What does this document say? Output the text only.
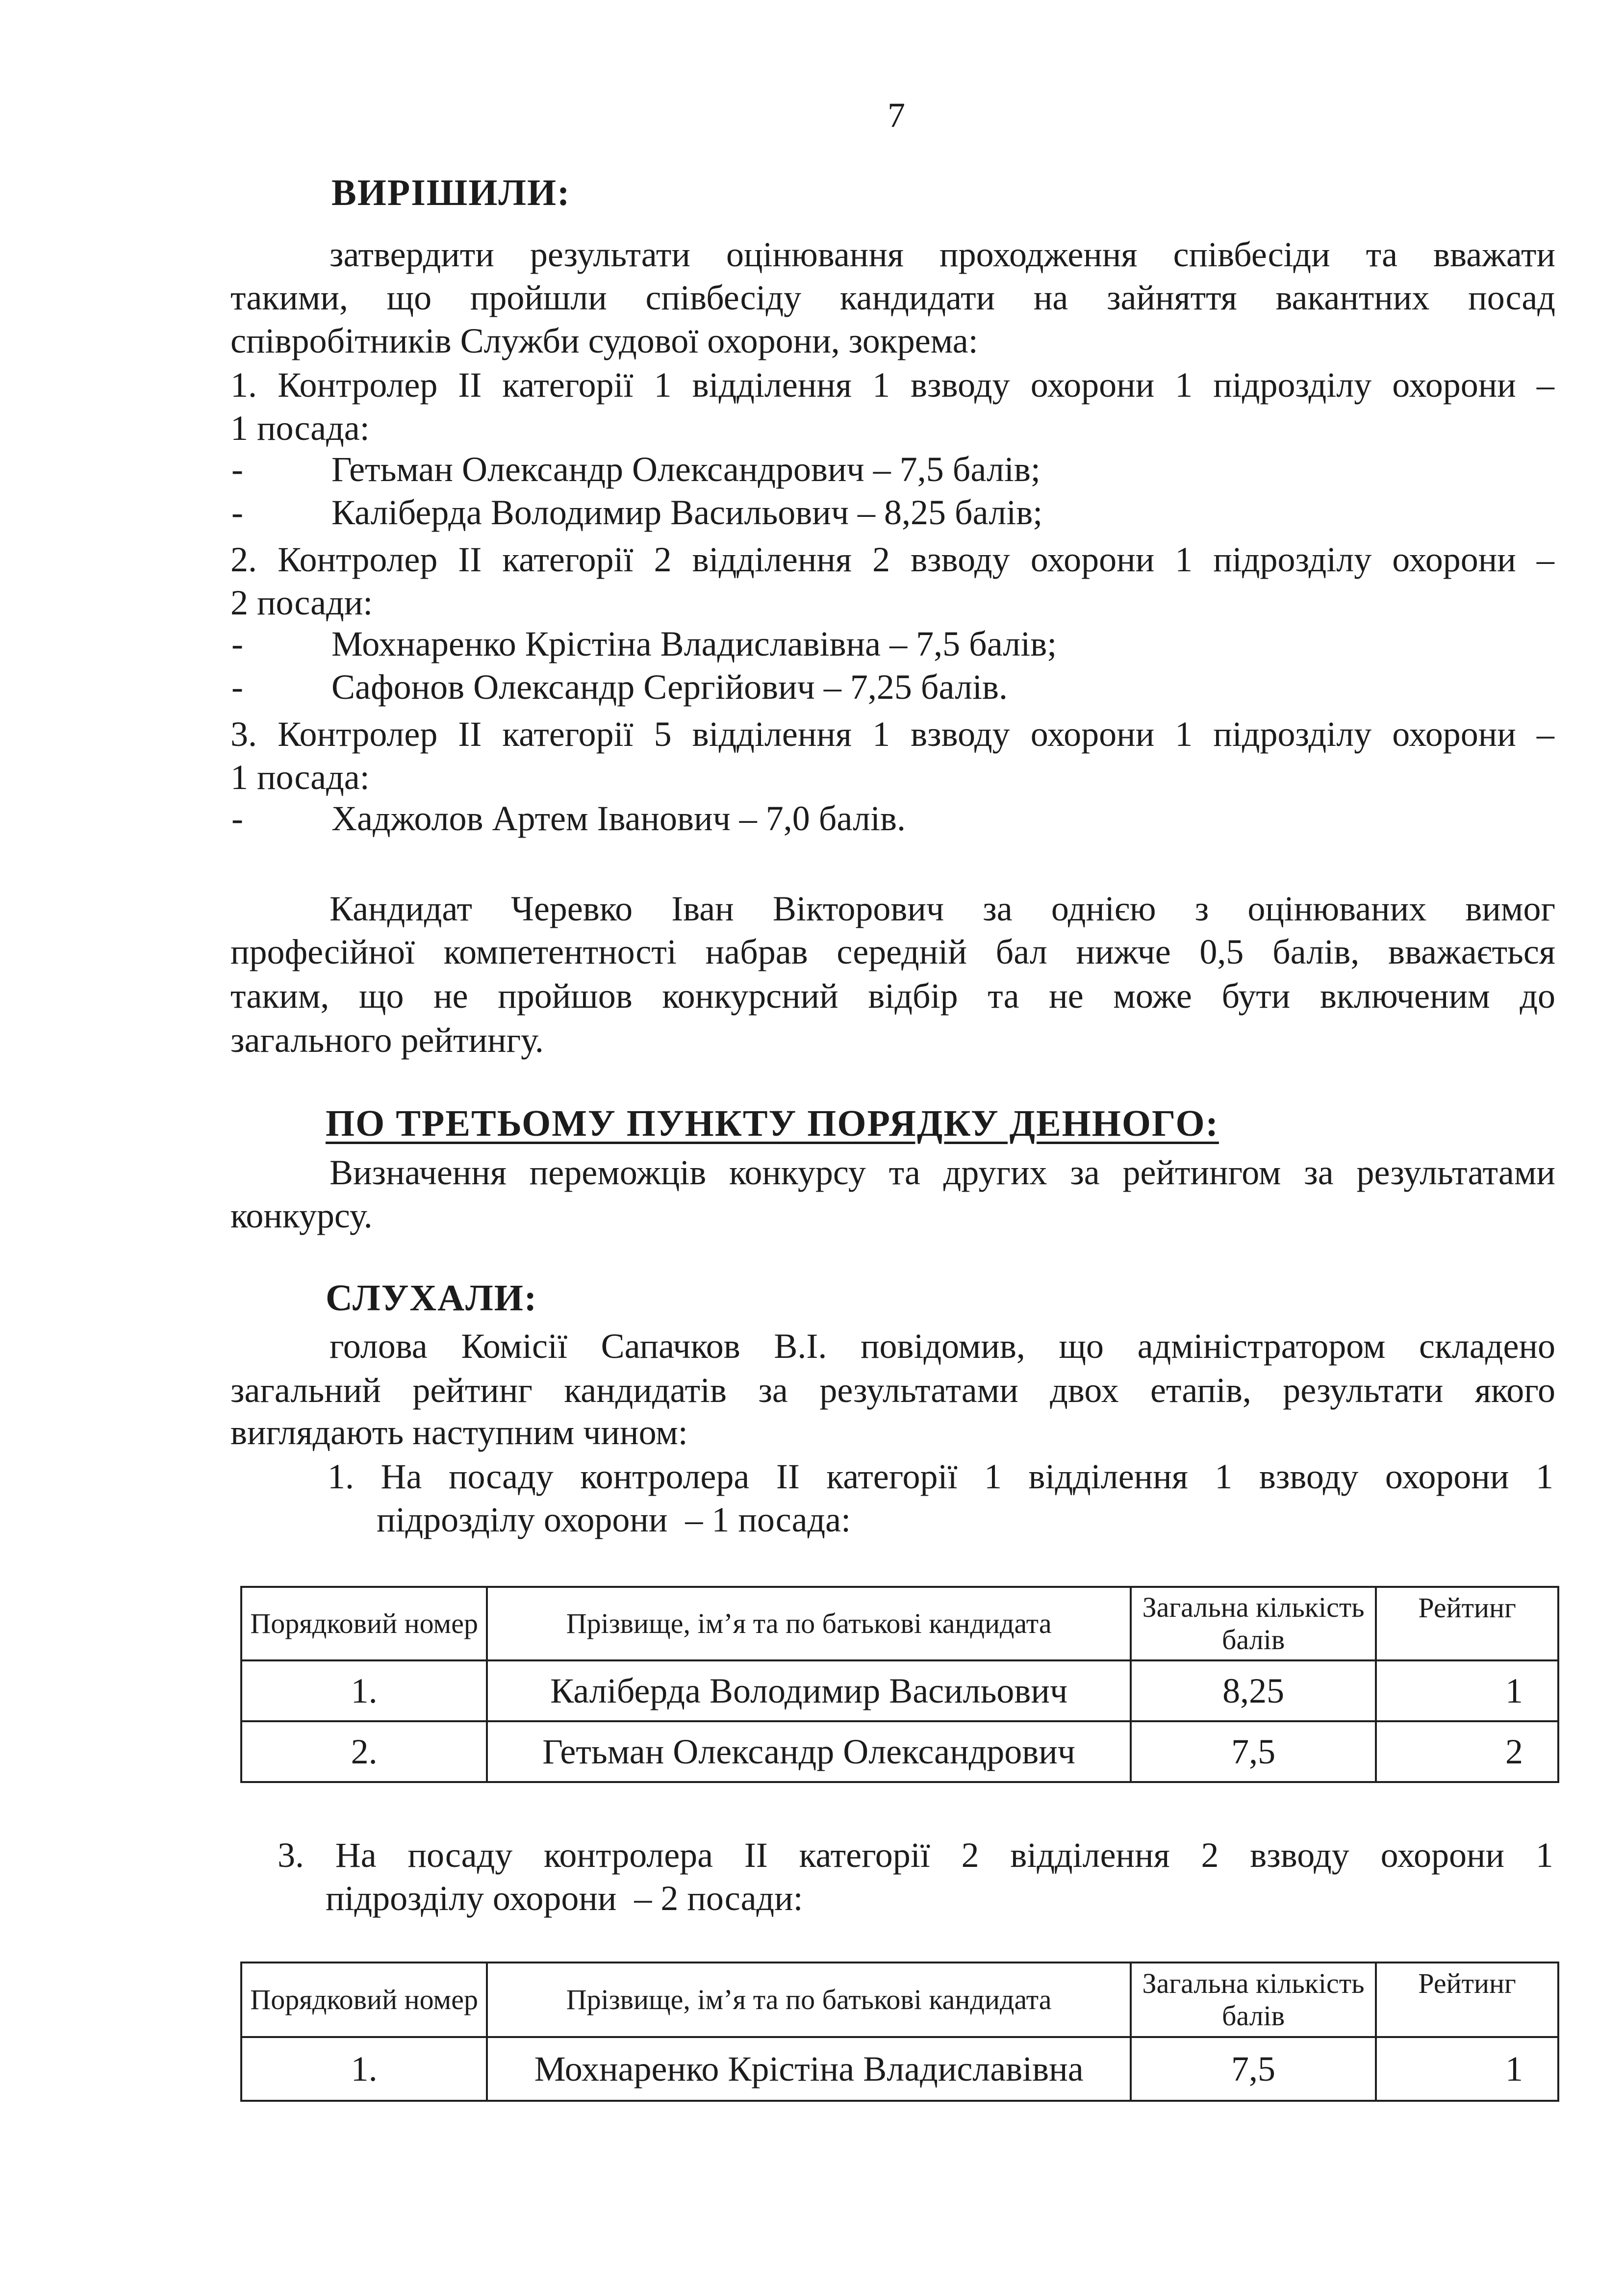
7
ВИРІШИЛИ:
затвердити результати оцінювання проходження співбесіди та вважати
такими, що пройшли співбесіду кандидати на зайняття вакантних посад
співробітників Служби судової охорони, зокрема:
1. Контролер ІІ категорії 1 відділення 1 взводу охорони 1 підрозділу охорони –
1 посада:
-	Гетьман Олександр Олександрович – 7,5 балів;
-	Каліберда Володимир Васильович – 8,25 балів;
2. Контролер ІІ категорії 2 відділення 2 взводу охорони 1 підрозділу охорони –
2 посади:
-	Мохнаренко Крістіна Владиславівна – 7,5 балів;
-	Сафонов Олександр Сергійович – 7,25 балів.
3. Контролер ІІ категорії 5 відділення 1 взводу охорони 1 підрозділу охорони –
1 посада:
-	Хаджолов Артем Іванович – 7,0 балів.
Кандидат Черевко Іван Вікторович за однією з оцінюваних вимог
професійної компетентності набрав середній бал нижче 0,5 балів, вважається
таким, що не пройшов конкурсний відбір та не може бути включеним до
загального рейтингу.
ПО ТРЕТЬОМУ ПУНКТУ ПОРЯДКУ ДЕННОГО:
Визначення переможців конкурсу та других за рейтингом за результатами
конкурсу.
СЛУХАЛИ:
голова Комісії Сапачков В.І. повідомив, що адміністратором складено
загальний рейтинг кандидатів за результатами двох етапів, результати якого
виглядають наступним чином:
1. На посаду контролера ІІ категорії 1 відділення 1 взводу охорони 1
підрозділу охорони  – 1 посада:
Порядковий номер	Прізвище, ім’я та по батькові кандидата	Загальна кількість балів	Рейтинг
1.	Каліберда Володимир Васильович	8,25	1
2.	Гетьман Олександр Олександрович	7,5	2
3. На посаду контролера ІІ категорії 2 відділення 2 взводу охорони 1
підрозділу охорони  – 2 посади:
Порядковий номер	Прізвище, ім’я та по батькові кандидата	Загальна кількість балів	Рейтинг
1.	Мохнаренко Крістіна Владиславівна	7,5	1
